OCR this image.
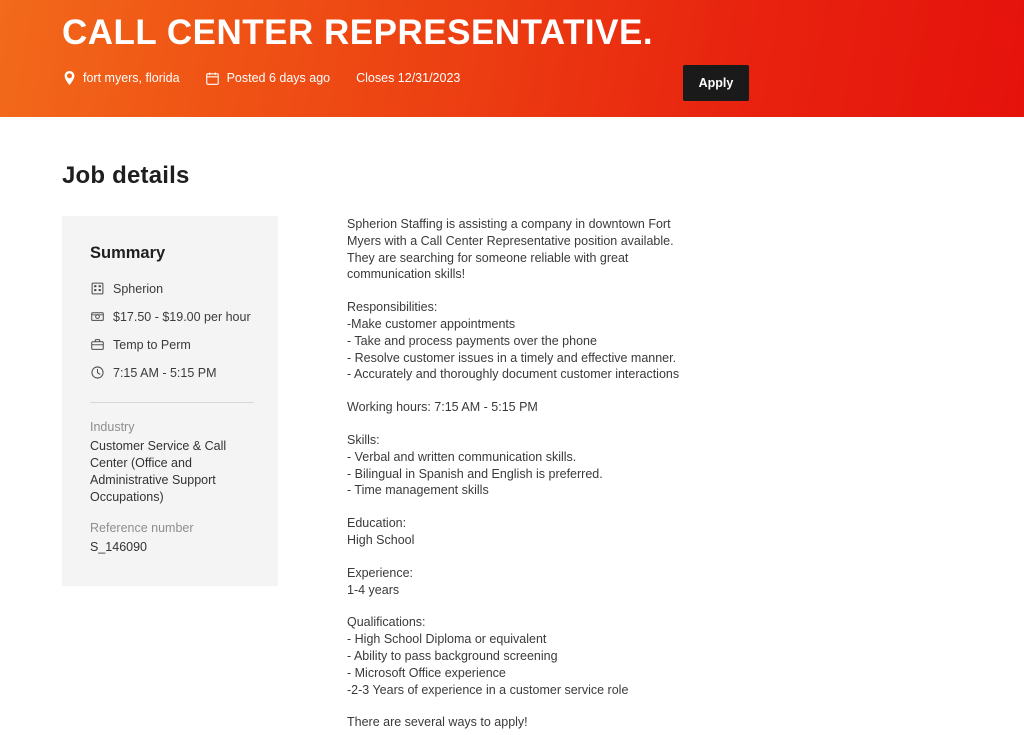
CALL CENTER REPRESENTATIVE.
fort myers, florida	Posted 6 days ago Closes 12/31/2023	Apply
Job details
Summary
Spherion
$17.50 - $19.00 per hour
Temp to Perm
7:15 AM - 5:15 PM
Industry
Customer Service & Call Center (Office and Administrative Support Occupations)
Reference number
S_146090

Spherion Staffing is assisting a company in downtown Fort Myers with a Call Center Representative position available. They are searching for someone reliable with great communication skills!

Responsibilities:

-Make customer appointments

- Take and process payments over the phone

- Resolve customer issues in a timely and effective manner.

- Accurately and thoroughly document customer interactions

Working hours: 7:15 AM - 5:15 PM

Skills:

- Verbal and written communication skills.

- Bilingual in Spanish and English is preferred.

- Time management skills

Education:

High School

Experience:

1-4 years

Qualifications:

- High School Diploma or equivalent

- Ability to pass background screening

- Microsoft Office experience

-2-3 Years of experience in a customer service role

There are several ways to apply!
